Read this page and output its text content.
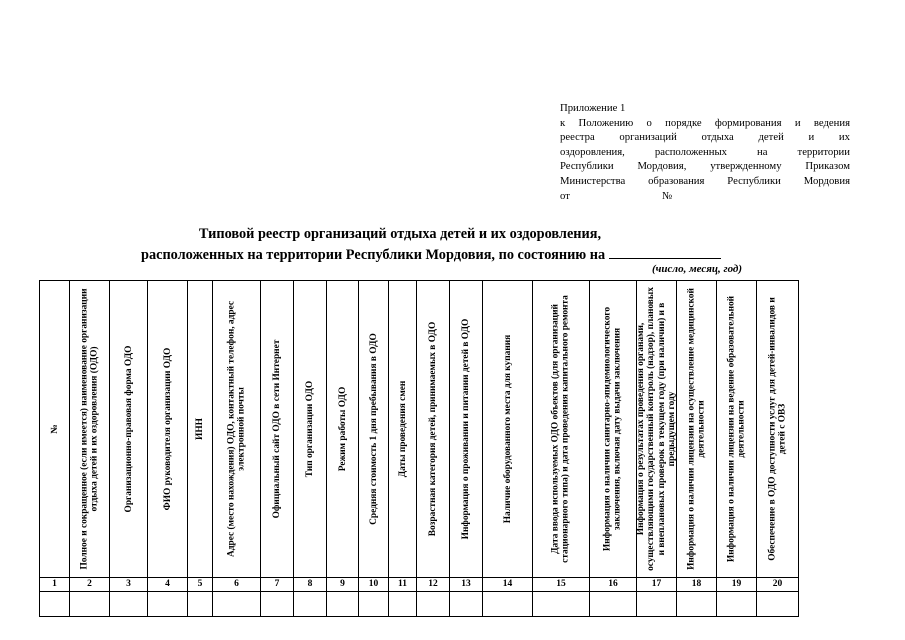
Приложение 1
к Положению о порядке формирования и ведения
реестра организаций отдыха детей и их
оздоровления, расположенных на территории
Республики Мордовия, утвержденному Приказом
Министерства образования Республики Мордовия
от	№
Типовой реестр организаций отдыха детей и их оздоровления,
расположенных на территории Республики Мордовия, по состоянию на
(число, месяц, год)
№	Полное и сокращенное (если имеется) наименование организации отдыха детей и их оздоровления (ОДО)	Организационно-правовая форма ОДО	ФИО руководителя организации ОДО	ИНН	Адрес (место нахождения) ОДО, контактный телефон, адрес электронной почты	Официальный сайт ОДО в сети Интернет	Тип организации ОДО	Режим работы ОДО	Средняя стоимость 1 дня пребывания в ОДО	Даты проведения смен	Возрастная категория детей, принимаемых в ОДО	Информация о проживании и питании детей в ОДО	Наличие оборудованного места для купания	Дата ввода используемых ОДО объектов (для организаций стационарного типа) и дата проведения капитального ремонта	Информация о наличии санитарно-эпидемиологического заключения, включая дату выдачи заключения	Информация о результатах проведения органами, осуществляющими государственный контроль (надзор), плановых и внеплановых проверок в текущем году (при наличии) и в предыдущем году	Информация о наличии лицензии на осуществление медицинской деятельности	Информация о наличии лицензии на ведение образовательной деятельности	Обеспечение в ОДО доступности услуг для детей-инвалидов и детей с ОВЗ

1	2	3	4	5	6	7	8	9	10	11	12	13	14	15	16	17	18	19	20
